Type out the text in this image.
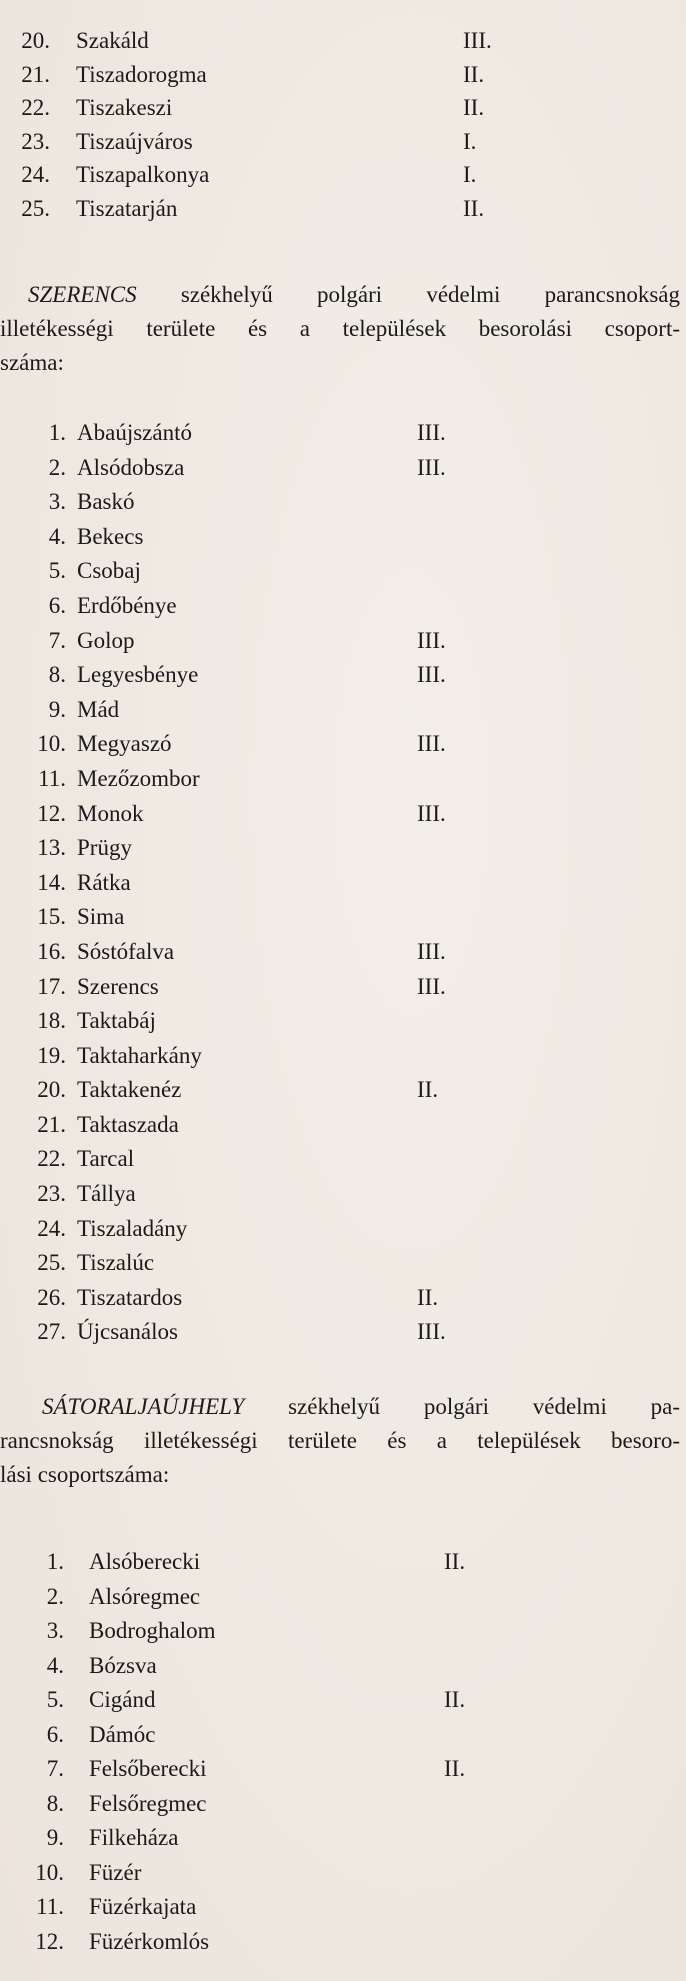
20. Szakáld	III.
21. Tiszadorogma	II.
22. Tiszakeszi	II.
23. Tiszaújváros	I.
24. Tiszapalkonya	I.
25. Tiszatarján	II.
SZERENCS székhelyű polgári védelmi parancsnokság
illetékességi területe és a települések besorolási csoport-
száma:
1. Abaújszántó	III.
2. Alsódobsza	III.
3. Baskó
4. Bekecs
5. Csobaj
6. Erdőbénye
7. Golop	III.
8. Legyesbénye	III.
9. Mád
10. Megyaszó	III.
11. Mezőzombor
12. Monok	III.
13. Prügy
14. Rátka
15. Sima
16. Sóstófalva	III.
17. Szerencs	III.
18. Taktabáj
19. Taktaharkány
20. Taktakenéz	II.
21. Taktaszada
22. Tarcal
23. Tállya
24. Tiszaladány
25. Tiszalúc
26. Tiszatardos	II.
27. Újcsanálos	III.
SÁTORALJAÚJHELY székhelyű polgári védelmi pa-
rancsnokság illetékességi területe és a települések besoro-
lási csoportszáma:
1. Alsóberecki	II.
2. Alsóregmec
3. Bodroghalom
4. Bózsva
5. Cigánd	II.
6. Dámóc
7. Felsőberecki	II.
8. Felsőregmec
9. Filkeháza
10. Füzér
11. Füzérkajata
12. Füzérkomlós
